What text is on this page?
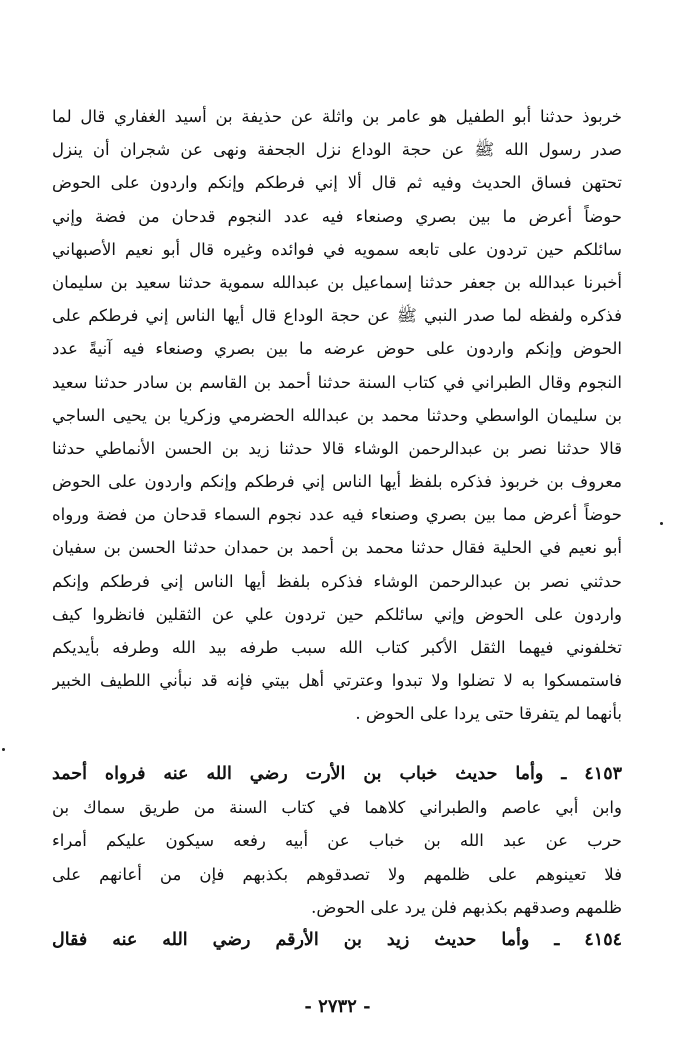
خربوذ حدثنا أبو الطفيل هو عامر بن واثلة عن حذيفة بن أسيد الغفاري قال لما
صدر رسول الله ﷺ عن حجة الوداع نزل الجحفة ونهى عن شجران أن ينزل
تحتهن فساق الحديث وفيه ثم قال ألا إني فرطكم وإنكم واردون على الحوض
حوضاً أعرض ما بين بصري وصنعاء فيه عدد النجوم قدحان من فضة وإني
سائلكم حين تردون على تابعه سمويه في فوائده وغيره قال أبو نعيم الأصبهاني
أخبرنا عبدالله بن جعفر حدثنا إسماعيل بن عبدالله سموية حدثنا سعيد بن سليمان
فذكره ولفظه لما صدر النبي ﷺ عن حجة الوداع قال أيها الناس إني فرطكم على
الحوض وإنكم واردون على حوض عرضه ما بين بصري وصنعاء فيه آنيةً عدد
النجوم وقال الطبراني في كتاب السنة حدثنا أحمد بن القاسم بن سادر حدثنا سعيد
بن سليمان الواسطي وحدثنا محمد بن عبدالله الحضرمي وزكريا بن يحيى الساجي
قالا حدثنا نصر بن عبدالرحمن الوشاء قالا حدثنا زيد بن الحسن الأنماطي حدثنا
معروف بن خربوذ فذكره بلفظ أيها الناس إني فرطكم وإنكم واردون على الحوض
حوضاً أعرض مما بين بصري وصنعاء فيه عدد نجوم السماء قدحان من فضة ورواه
أبو نعيم في الحلية فقال حدثنا محمد بن أحمد بن حمدان حدثنا الحسن بن سفيان
حدثني نصر بن عبدالرحمن الوشاء فذكره بلفظ أيها الناس إني فرطكم وإنكم
واردون على الحوض وإني سائلكم حين تردون علي عن الثقلين فانظروا كيف
تخلفوني فيهما الثقل الأكبر كتاب الله سبب طرفه بيد الله وطرفه بأيديكم
فاستمسكوا به لا تضلوا ولا تبدوا وعترتي أهل بيتي فإنه قد نبأني اللطيف الخبير
بأنهما لم يتفرقا حتى يردا على الحوض .
٤١٥٣ ـ وأما حديث خباب بن الأرت رضي الله عنه فرواه أحمد
وابن أبي عاصم والطبراني كلاهما في كتاب السنة من طريق سماك بن
حرب عن عبد الله بن خباب عن أبيه رفعه سيكون عليكم أمراء
فلا تعينوهم على ظلمهم ولا تصدقوهم بكذبهم فإن من أعانهم على
ظلمهم وصدقهم بكذبهم فلن يرد على الحوض.
٤١٥٤ ـ وأما حديث زيد بن الأرقم رضي الله عنه فقال
- ٢٧٣٢ -
